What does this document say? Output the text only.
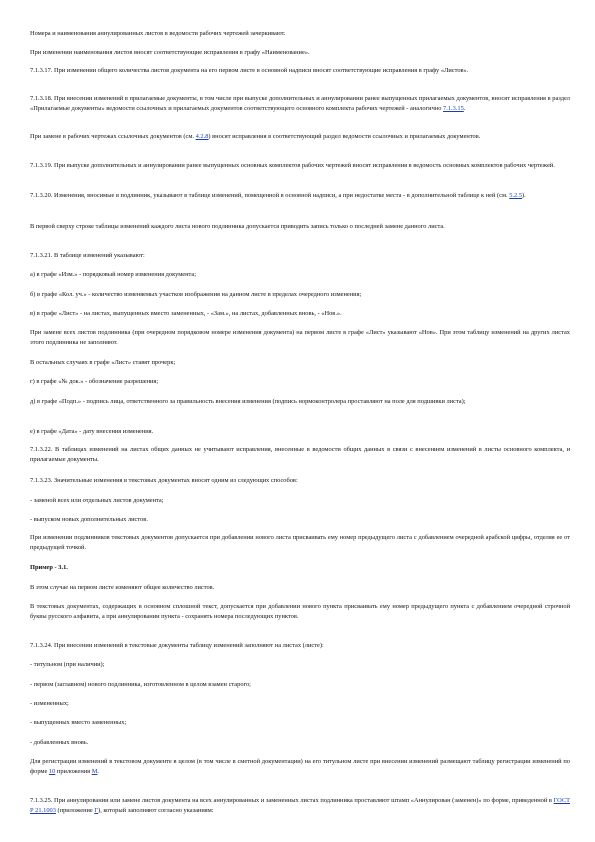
Номера и наименования аннулированных листов в ведомости рабочих чертежей зачеркивают.

При изменении наименования листов вносят соответствующие исправления в графу «Наименование».

7.1.3.17. При изменении общего количества листов документа на его первом листе в основной надписи вносят соответствующие исправления в графу «Листов».

7.1.3.18. При внесении изменений в прилагаемые документы, в том числе при выпуске дополнительных и аннулировании ранее выпущенных прилагаемых документов, вносят исправления в раздел «Прилагаемые документы» ведомости ссылочных и прилагаемых документов соответствующего основного комплекта рабочих чертежей - аналогично 7.1.3.15.

При замене в рабочих чертежах ссылочных документов (см. 4.2.8) вносят исправления в соответствующий раздел ведомости ссылочных и прилагаемых документов.

7.1.3.19. При выпуске дополнительных и аннулировании ранее выпущенных основных комплектов рабочих чертежей вносят исправления в ведомость основных комплектов рабочих чертежей.

7.1.3.20. Изменения, вносимые в подлинник, указывают в таблице изменений, помещенной в основной надписи, а при недостатке места - в дополнительной таблице к ней (см. 5.2.5).

В первой сверху строке таблицы изменений каждого листа нового подлинника допускается приводить запись только о последней замене данного листа.

7.1.3.21. В таблице изменений указывают:

а) в графе «Изм.» - порядковый номер изменения документа;

б) в графе «Кол. уч.» - количество изменяемых участков изображения на данном листе в пределах очередного изменения;

в) в графе «Лист» - на листах, выпущенных вместо замененных, - «Зам.», на листах, добавленных вновь, - «Нов.».

При замене всех листов подлинника (при очередном порядковом номере изменения документа) на первом листе в графе «Лист» указывают «Нов». При этом таблицу изменений на других листах этого подлинника не заполняют.

В остальных случаях в графе «Лист» ставят прочерк;

г) в графе «№ док.» - обозначение разрешения;

д) в графе «Подп.» - подпись лица, ответственного за правильность внесения изменения (подпись нормоконтролера проставляют на поле для подшивки листа);

е) в графе «Дата» - дату внесения изменения.

7.1.3.22. В таблицах изменений на листах общих данных не учитывают исправления, внесенные в ведомости общих данных в связи с внесением изменений в листы основного комплекта, и прилагаемые документы.

7.1.3.23. Значительные изменения в текстовых документах вносят одним из следующих способов:

- заменой всех или отдельных листов документа;

- выпуском новых дополнительных листов.

При изменении подлинников текстовых документов допускается при добавлении нового листа присваивать ему номер предыдущего листа с добавлением очередной арабской цифры, отделяя ее от предыдущей точкой.

Пример - 3.1.

В этом случае на первом листе изменяют общее количество листов.

В текстовых документах, содержащих в основном сплошной текст, допускается при добавлении нового пункта присваивать ему номер предыдущего пункта с добавлением очередной строчной буквы русского алфавита, а при аннулировании пункта - сохранять номера последующих пунктов.

7.1.3.24. При внесении изменений в текстовые документы таблицу изменений заполняют на листах (листе):

- титульном (при наличии);

- первом (заглавном) нового подлинника, изготовленном в целом взамен старого;

- измененных;

- выпущенных вместо замененных;

- добавленных вновь.

Для регистрации изменений в текстовом документе в целом (в том числе в сметной документации) на его титульном листе при внесении изменений размещают таблицу регистрации изменений по форме 10 приложения М.

7.1.3.25. При аннулировании или замене листов документа на всех аннулированных и замененных листах подлинника проставляют штамп «Аннулирован (заменен)» по форме, приведенной в ГОСТ Р 21.1003 (приложение Г), который заполняют согласно указаниям:
